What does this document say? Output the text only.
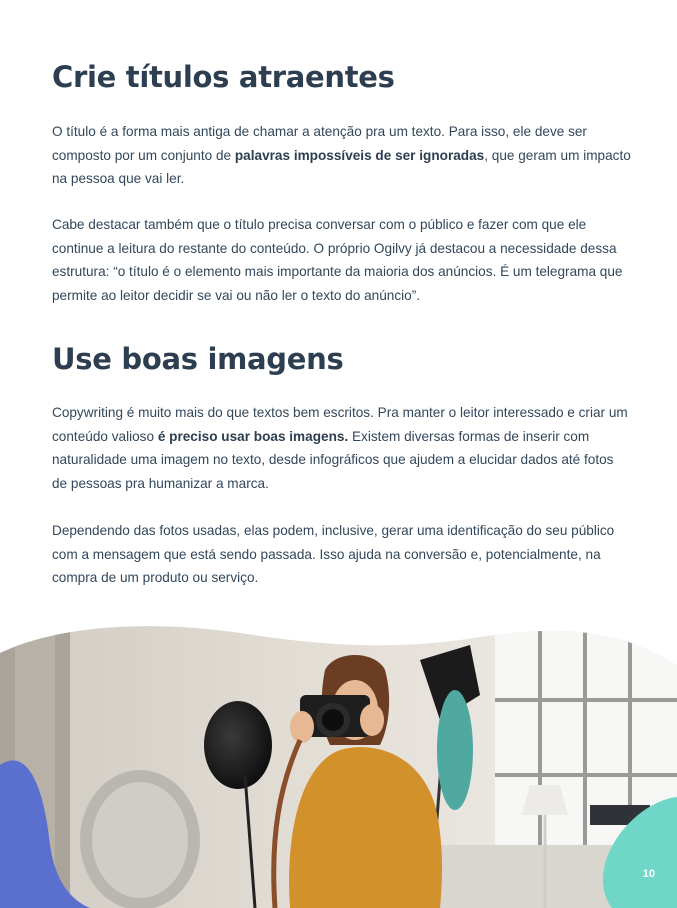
Crie títulos atraentes

O título é a forma mais antiga de chamar a atenção pra um texto. Para isso, ele deve ser composto por um conjunto de palavras impossíveis de ser ignoradas, que geram um impacto na pessoa que vai ler.

Cabe destacar também que o título precisa conversar com o público e fazer com que ele continue a leitura do restante do conteúdo. O próprio Ogilvy já destacou a necessidade dessa estrutura: “o título é o elemento mais importante da maioria dos anúncios. É um telegrama que permite ao leitor decidir se vai ou não ler o texto do anúncio”.

Use boas imagens

Copywriting é muito mais do que textos bem escritos. Pra manter o leitor interessado e criar um conteúdo valioso é preciso usar boas imagens. Existem diversas formas de inserir com naturalidade uma imagem no texto, desde infográficos que ajudem a elucidar dados até fotos de pessoas pra humanizar a marca.

Dependendo das fotos usadas, elas podem, inclusive, gerar uma identificação do seu público com a mensagem que está sendo passada. Isso ajuda na conversão e, potencialmente, na compra de um produto ou serviço.

10
